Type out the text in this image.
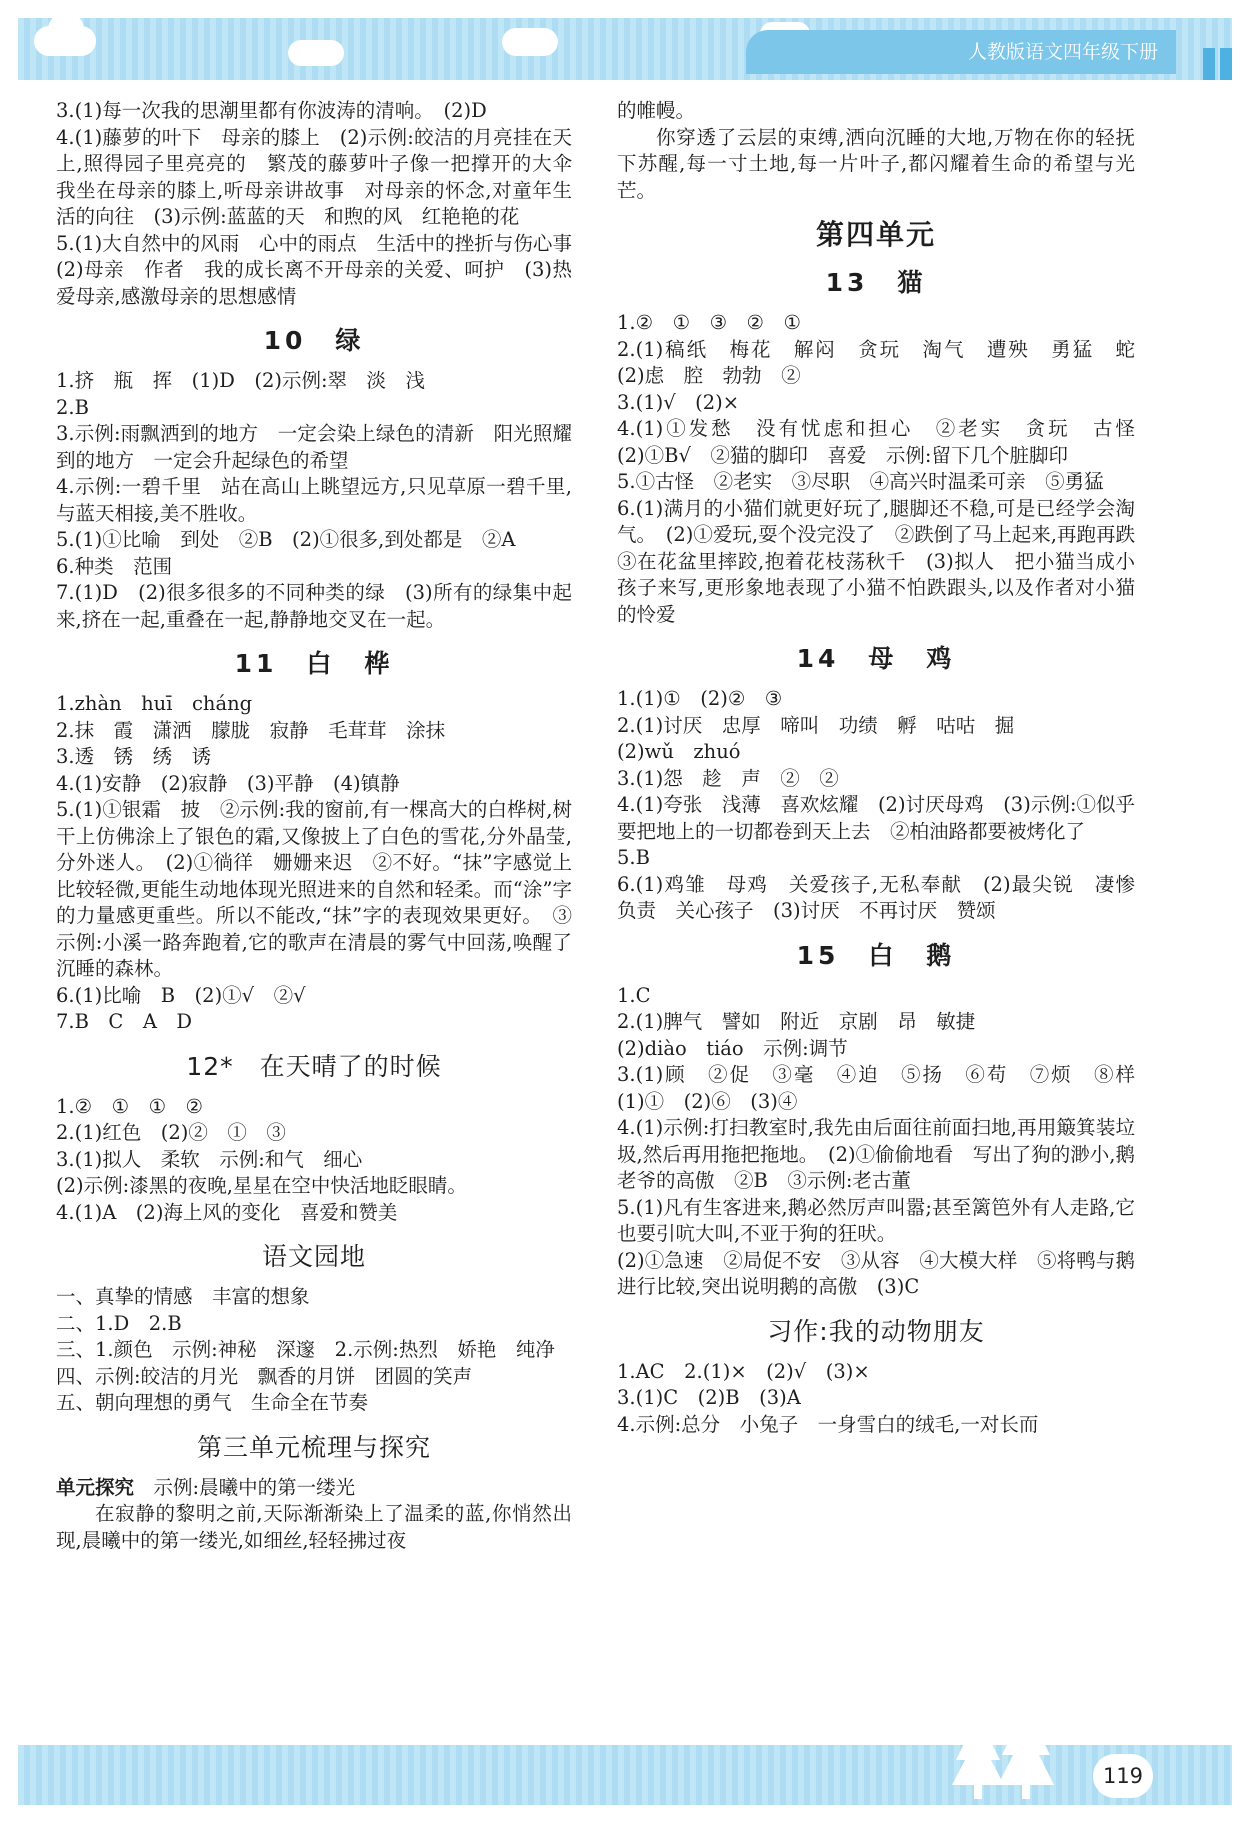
人教版语文四年级下册

3.(1)每一次我的思潮里都有你波涛的清响。　(2)D

4.(1)藤萝的叶下　母亲的膝上　(2)示例:皎洁的月亮挂在天上,照得园子里亮亮的　繁茂的藤萝叶子像一把撑开的大伞　我坐在母亲的膝上,听母亲讲故事　对母亲的怀念,对童年生活的向往　(3)示例:蓝蓝的天　和煦的风　红艳艳的花

5.(1)大自然中的风雨　心中的雨点　生活中的挫折与伤心事　(2)母亲　作者　我的成长离不开母亲的关爱、呵护　(3)热爱母亲,感激母亲的思想感情

10　绿

1.挤　瓶　挥　(1)D　(2)示例:翠　淡　浅

2.B

3.示例:雨飘洒到的地方　一定会染上绿色的清新　阳光照耀到的地方　一定会升起绿色的希望

4.示例:一碧千里　站在高山上眺望远方,只见草原一碧千里,与蓝天相接,美不胜收。

5.(1)①比喻　到处　②B　(2)①很多,到处都是　②A

6.种类　范围

7.(1)D　(2)很多很多的不同种类的绿　(3)所有的绿集中起来,挤在一起,重叠在一起,静静地交叉在一起。

11　白　桦

1.zhàn　huī　cháng

2.抹　霞　潇洒　朦胧　寂静　毛茸茸　涂抹

3.透　锈　绣　诱

4.(1)安静　(2)寂静　(3)平静　(4)镇静

5.(1)①银霜　披　②示例:我的窗前,有一棵高大的白桦树,树干上仿佛涂上了银色的霜,又像披上了白色的雪花,分外晶莹,分外迷人。　(2)①徜徉　姗姗来迟　②不好。“抹”字感觉上比较轻微,更能生动地体现光照进来的自然和轻柔。而“涂”字的力量感更重些。所以不能改,“抹”字的表现效果更好。　③示例:小溪一路奔跑着,它的歌声在清晨的雾气中回荡,唤醒了沉睡的森林。

6.(1)比喻　B　(2)①√　②√

7.B　C　A　D

12*　在天晴了的时候

1.②　①　①　②

2.(1)红色　(2)②　①　③

3.(1)拟人　柔软　示例:和气　细心

(2)示例:漆黑的夜晚,星星在空中快活地眨眼睛。

4.(1)A　(2)海上风的变化　喜爱和赞美

语文园地

一、真挚的情感　丰富的想象

二、1.D　2.B

三、1.颜色　示例:神秘　深邃　2.示例:热烈　娇艳　纯净

四、示例:皎洁的月光　飘香的月饼　团圆的笑声

五、朝向理想的勇气　生命全在节奏

第三单元梳理与探究

单元探究　 示例:晨曦中的第一缕光

在寂静的黎明之前,天际渐渐染上了温柔的蓝,你悄然出现,晨曦中的第一缕光,如细丝,轻轻拂过夜

的帷幔。

你穿透了云层的束缚,洒向沉睡的大地,万物在你的轻抚下苏醒,每一寸土地,每一片叶子,都闪耀着生命的希望与光芒。

第四单元
13　猫

1.②　①　③　②　①

2.(1)稿纸　梅花　解闷　贪玩　淘气　遭殃　勇猛　蛇　(2)虑　腔　勃勃　②

3.(1)√　(2)×

4.(1)①发愁　没有忧虑和担心　②老实　贪玩　古怪　(2)①B√　②猫的脚印　喜爱　示例:留下几个脏脚印

5.①古怪　②老实　③尽职　④高兴时温柔可亲　⑤勇猛

6.(1)满月的小猫们就更好玩了,腿脚还不稳,可是已经学会淘气。　(2)①爱玩,耍个没完没了　②跌倒了马上起来,再跑再跌　③在花盆里摔跤,抱着花枝荡秋千　(3)拟人　把小猫当成小孩子来写,更形象地表现了小猫不怕跌跟头,以及作者对小猫的怜爱

14　母　鸡

1.(1)①　(2)②　③

2.(1)讨厌　忠厚　啼叫　功绩　孵　咕咕　掘

(2)wǔ　zhuó

3.(1)怨　趁　声　②　②

4.(1)夸张　浅薄　喜欢炫耀　(2)讨厌母鸡　(3)示例:①似乎要把地上的一切都卷到天上去　②柏油路都要被烤化了

5.B

6.(1)鸡雏　母鸡　关爱孩子,无私奉献　(2)最尖锐　凄惨　负责　关心孩子　(3)讨厌　不再讨厌　赞颂

15　白　鹅

1.C

2.(1)脾气　譬如　附近　京剧　昂　敏捷

(2)diào　tiáo　示例:调节

3.(1)顾　②促　③毫　④迫　⑤扬　⑥苟　⑦烦　⑧样　(1)①　(2)⑥　(3)④

4.(1)示例:打扫教室时,我先由后面往前面扫地,再用簸箕装垃圾,然后再用拖把拖地。　(2)①偷偷地看　写出了狗的渺小,鹅老爷的高傲　②B　③示例:老古董

5.(1)凡有生客进来,鹅必然厉声叫嚣;甚至篱笆外有人走路,它也要引吭大叫,不亚于狗的狂吠。

(2)①急速　②局促不安　③从容　④大模大样　⑤将鸭与鹅进行比较,突出说明鹅的高傲　(3)C

习作:我的动物朋友

1.AC　2.(1)×　(2)√　(3)×

3.(1)C　(2)B　(3)A

4.示例:总分　小兔子　一身雪白的绒毛,一对长而

119
